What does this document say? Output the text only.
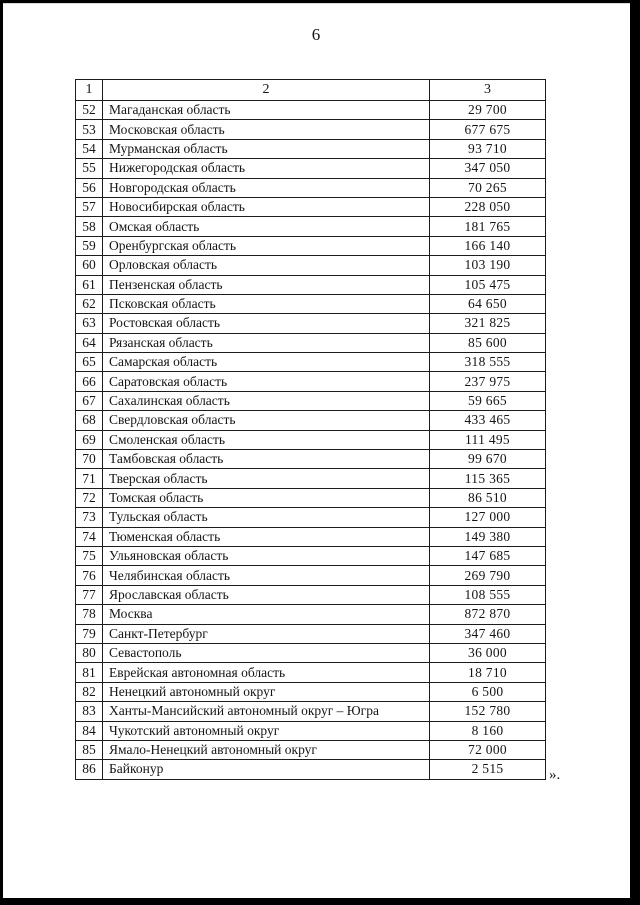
6
1	2	3
52	Магаданская область	29 700
53	Московская область	677 675
54	Мурманская область	93 710
55	Нижегородская область	347 050
56	Новгородская область	70 265
57	Новосибирская область	228 050
58	Омская область	181 765
59	Оренбургская область	166 140
60	Орловская область	103 190
61	Пензенская область	105 475
62	Псковская область	64 650
63	Ростовская область	321 825
64	Рязанская область	85 600
65	Самарская область	318 555
66	Саратовская область	237 975
67	Сахалинская область	59 665
68	Свердловская область	433 465
69	Смоленская область	111 495
70	Тамбовская область	99 670
71	Тверская область	115 365
72	Томская область	86 510
73	Тульская область	127 000
74	Тюменская область	149 380
75	Ульяновская область	147 685
76	Челябинская область	269 790
77	Ярославская область	108 555
78	Москва	872 870
79	Санкт-Петербург	347 460
80	Севастополь	36 000
81	Еврейская автономная область	18 710
82	Ненецкий автономный округ	6 500
83	Ханты-Мансийский автономный округ – Югра	152 780
84	Чукотский автономный округ	8 160
85	Ямало-Ненецкий автономный округ	72 000
86	Байконур	2 515	».
